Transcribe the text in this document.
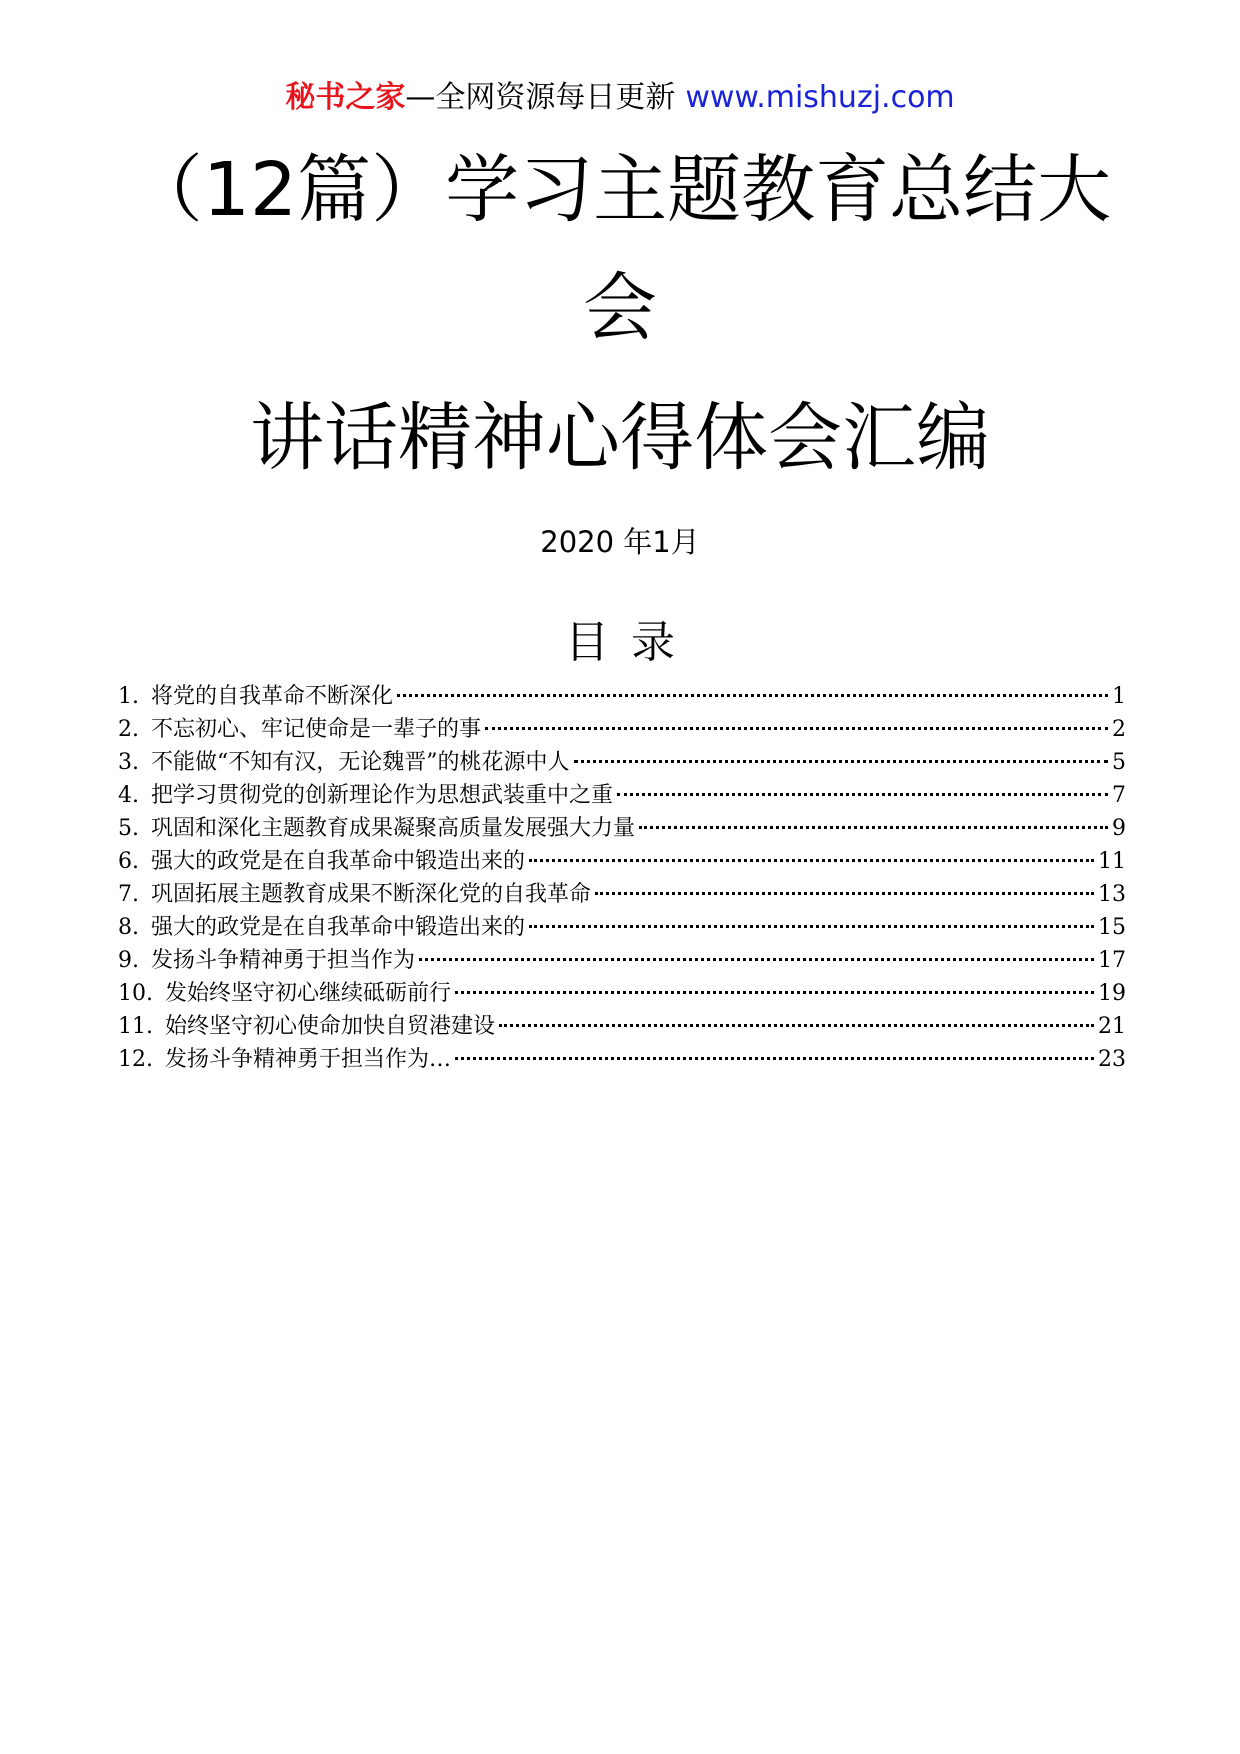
秘书之家—全网资源每日更新 www.mishuzj.com
（12篇）学习主题教育总结大
会
讲话精神心得体会汇编
2020 年1月
目录
1. 将党的自我革命不断深化	1
2. 不忘初心、牢记使命是一辈子的事	2
3. 不能做“不知有汉，无论魏晋”的桃花源中人	5
4. 把学习贯彻党的创新理论作为思想武装重中之重	7
5. 巩固和深化主题教育成果凝聚高质量发展强大力量	9
6. 强大的政党是在自我革命中锻造出来的	11
7. 巩固拓展主题教育成果不断深化党的自我革命	13
8. 强大的政党是在自我革命中锻造出来的	15
9. 发扬斗争精神勇于担当作为	17
10. 发始终坚守初心继续砥砺前行	19
11. 始终坚守初心使命加快自贸港建设	21
12. 发扬斗争精神勇于担当作为…	23
